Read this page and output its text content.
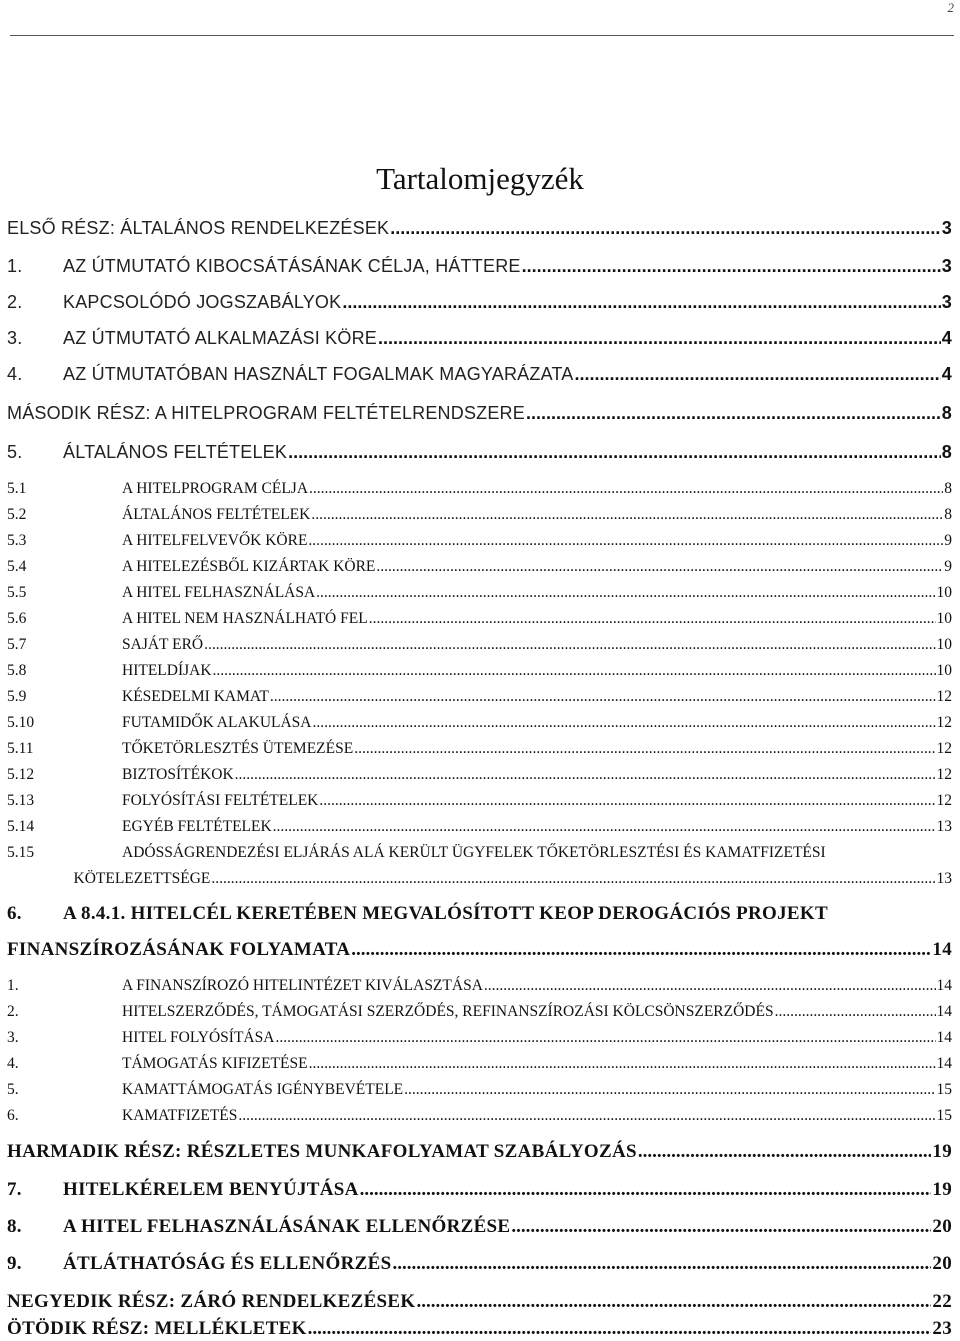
2
Tartalomjegyzék
ELSŐ RÉSZ: ÁLTALÁNOS RENDELKEZÉSEK .....	3
1.	AZ ÚTMUTATÓ KIBOCSÁTÁSÁNAK CÉLJA, HÁTTERE .....	3
2.	KAPCSOLÓDÓ JOGSZABÁLYOK .....	3
3.	AZ ÚTMUTATÓ ALKALMAZÁSI KÖRE .....	4
4.	AZ ÚTMUTATÓBAN HASZNÁLT FOGALMAK MAGYARÁZATA .....	4
MÁSODIK RÉSZ: A HITELPROGRAM FELTÉTELRENDSZERE .....	8
5.	ÁLTALÁNOS FELTÉTELEK .....	8
5.1	A HITELPROGRAM CÉLJA .....	8
5.2	ÁLTALÁNOS FELTÉTELEK .....	8
5.3	A HITELFELVEVŐK KÖRE .....	9
5.4	A HITELEZÉSBŐL KIZÁRTAK KÖRE .....	9
5.5	A HITEL FELHASZNÁLÁSA .....	10
5.6	A HITEL NEM HASZNÁLHATÓ FEL .....	10
5.7	SAJÁT ERŐ .....	10
5.8	HITELDÍJAK .....	10
5.9	KÉSEDELMI KAMAT .....	12
5.10	FUTAMIDŐK ALAKULÁSA .....	12
5.11	TŐKETÖRLESZTÉS ÜTEMEZÉSE .....	12
5.12	BIZTOSÍTÉKOK .....	12
5.13	FOLYÓSÍTÁSI FELTÉTELEK .....	12
5.14	EGYÉB FELTÉTELEK .....	13
5.15	ADÓSSÁGRENDEZÉSI ELJÁRÁS ALÁ KERÜLT ÜGYFELEK TŐKETÖRLESZTÉSI ÉS KAMATFIZETÉSI
KÖTELEZETTSÉGE .....	13
6.	A 8.4.1. HITELCÉL KERETÉBEN MEGVALÓSÍTOTT KEOP DEROGÁCIÓS PROJEKT
FINANSZÍROZÁSÁNAK FOLYAMATA .....	14
1.	A FINANSZÍROZÓ HITELINTÉZET KIVÁLASZTÁSA .....	14
2.	HITELSZERZŐDÉS, TÁMOGATÁSI SZERZŐDÉS, REFINANSZÍROZÁSI KÖLCSÖNSZERZŐDÉS .....	14
3.	HITEL FOLYÓSÍTÁSA .....	14
4.	TÁMOGATÁS KIFIZETÉSE .....	14
5.	KAMATTÁMOGATÁS IGÉNYBEVÉTELE .....	15
6.	KAMATFIZETÉS .....	15
HARMADIK RÉSZ: RÉSZLETES MUNKAFOLYAMAT SZABÁLYOZÁS .....	19
7.	HITELKÉRELEM BENYÚJTÁSA .....	19
8.	A HITEL FELHASZNÁLÁSÁNAK ELLENŐRZÉSE .....	20
9.	ÁTLÁTHATÓSÁG ÉS ELLENŐRZÉS .....	20
NEGYEDIK RÉSZ: ZÁRÓ RENDELKEZÉSEK .....	22
ÖTÖDIK RÉSZ: MELLÉKLETEK .....	23
